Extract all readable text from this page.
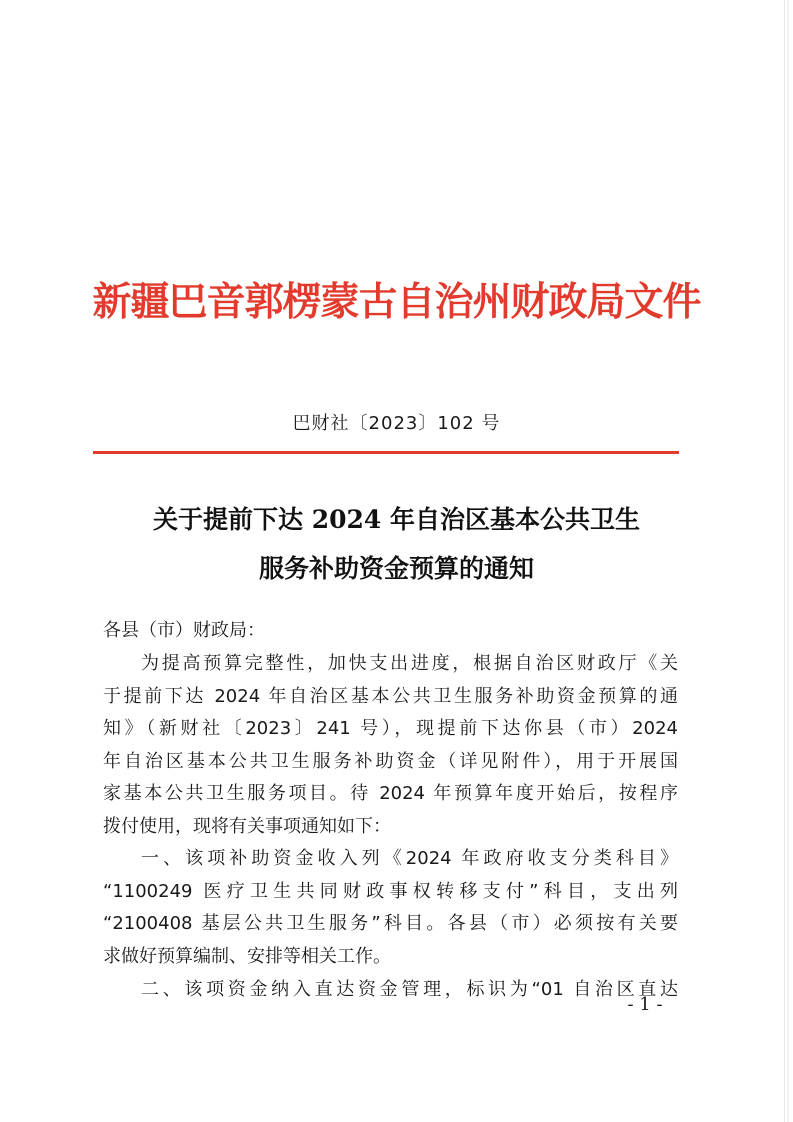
新疆巴音郭楞蒙古自治州财政局文件
巴财社〔2023〕102 号
关于提前下达 2024 年自治区基本公共卫生
服务补助资金预算的通知
各县（市）财政局：
为提高预算完整性，加快支出进度，根据自治区财政厅《关
于提前下达 2024 年自治区基本公共卫生服务补助资金预算的通
知》（新财社〔2023〕241 号），现提前下达你县（市）2024
年自治区基本公共卫生服务补助资金（详见附件），用于开展国
家基本公共卫生服务项目。待 2024 年预算年度开始后，按程序
拨付使用，现将有关事项通知如下：
一、该项补助资金收入列《2024 年政府收支分类科目》
“1100249 医疗卫生共同财政事权转移支付”科目，支出列
“2100408 基层公共卫生服务”科目。各县（市）必须按有关要
求做好预算编制、安排等相关工作。
二、该项资金纳入直达资金管理，标识为“01 自治区直达
- 1 -
